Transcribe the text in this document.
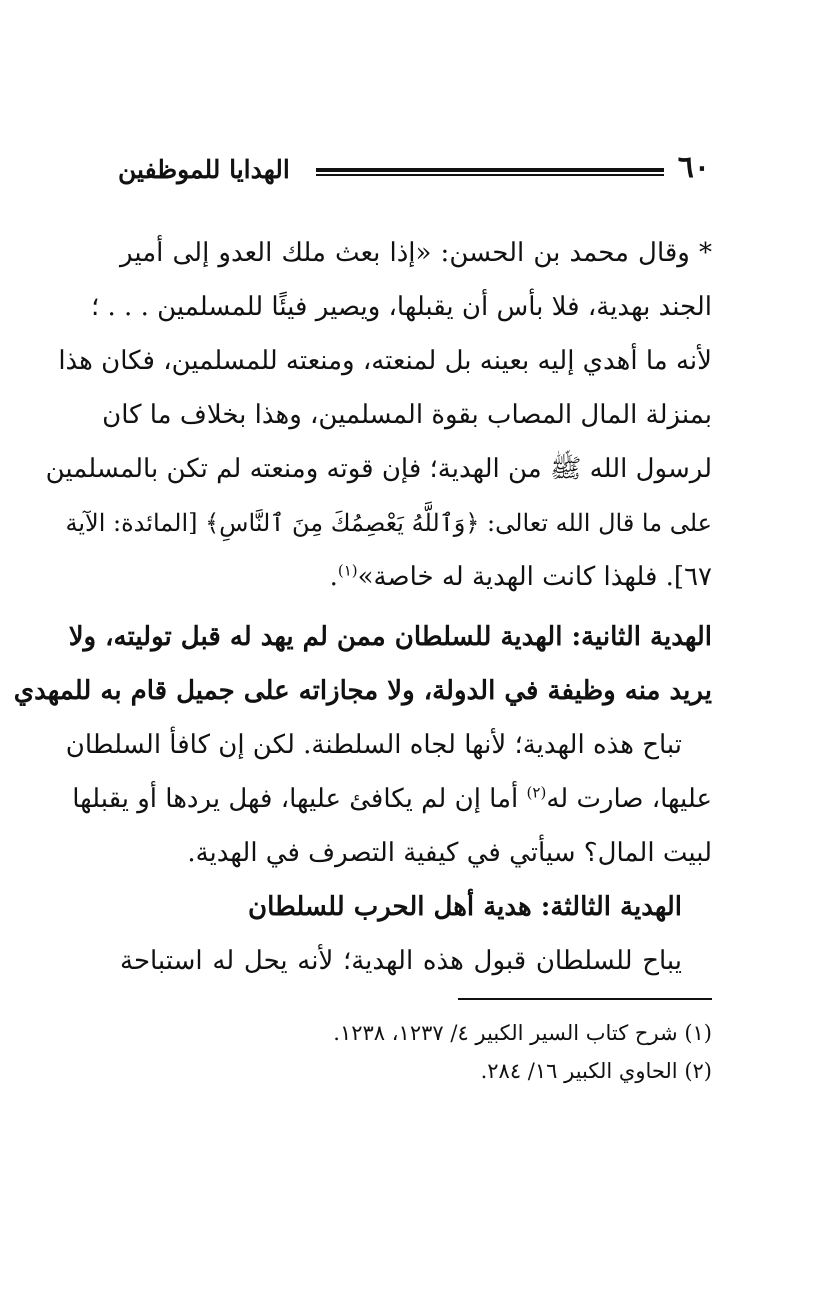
٦٠
الهدايا للموظفين
* وقال محمد بن الحسن: «إذا بعث ملك العدو إلى أمير
الجند بهدية، فلا بأس أن يقبلها، ويصير فيئًا للمسلمين . . . ؛
لأنه ما أهدي إليه بعينه بل لمنعته، ومنعته للمسلمين، فكان هذا
بمنزلة المال المصاب بقوة المسلمين، وهذا بخلاف ما كان
لرسول الله ﷺ من الهدية؛ فإن قوته ومنعته لم تكن بالمسلمين
على ما قال الله تعالى: ﴿وَٱللَّهُ يَعْصِمُكَ مِنَ ٱلنَّاسِ﴾ [المائدة: الآية
٦٧]. فلهذا كانت الهدية له خاصة»$^{(١)}$.
الهدية الثانية: الهدية للسلطان ممن لم يهد له قبل توليته، ولا
يريد منه وظيفة في الدولة، ولا مجازاته على جميل قام به للمهدي
تباح هذه الهدية؛ لأنها لجاه السلطنة. لكن إن كافأ السلطان
عليها، صارت له$^{(٢)}$ أما إن لم يكافئ عليها، فهل يردها أو يقبلها
لبيت المال؟ سيأتي في كيفية التصرف في الهدية.
الهدية الثالثة: هدية أهل الحرب للسلطان
يباح للسلطان قبول هذه الهدية؛ لأنه يحل له استباحة
(١) شرح كتاب السير الكبير ٤/ ١٢٣٧، ١٢٣٨.
(٢) الحاوي الكبير ١٦/ ٢٨٤.
